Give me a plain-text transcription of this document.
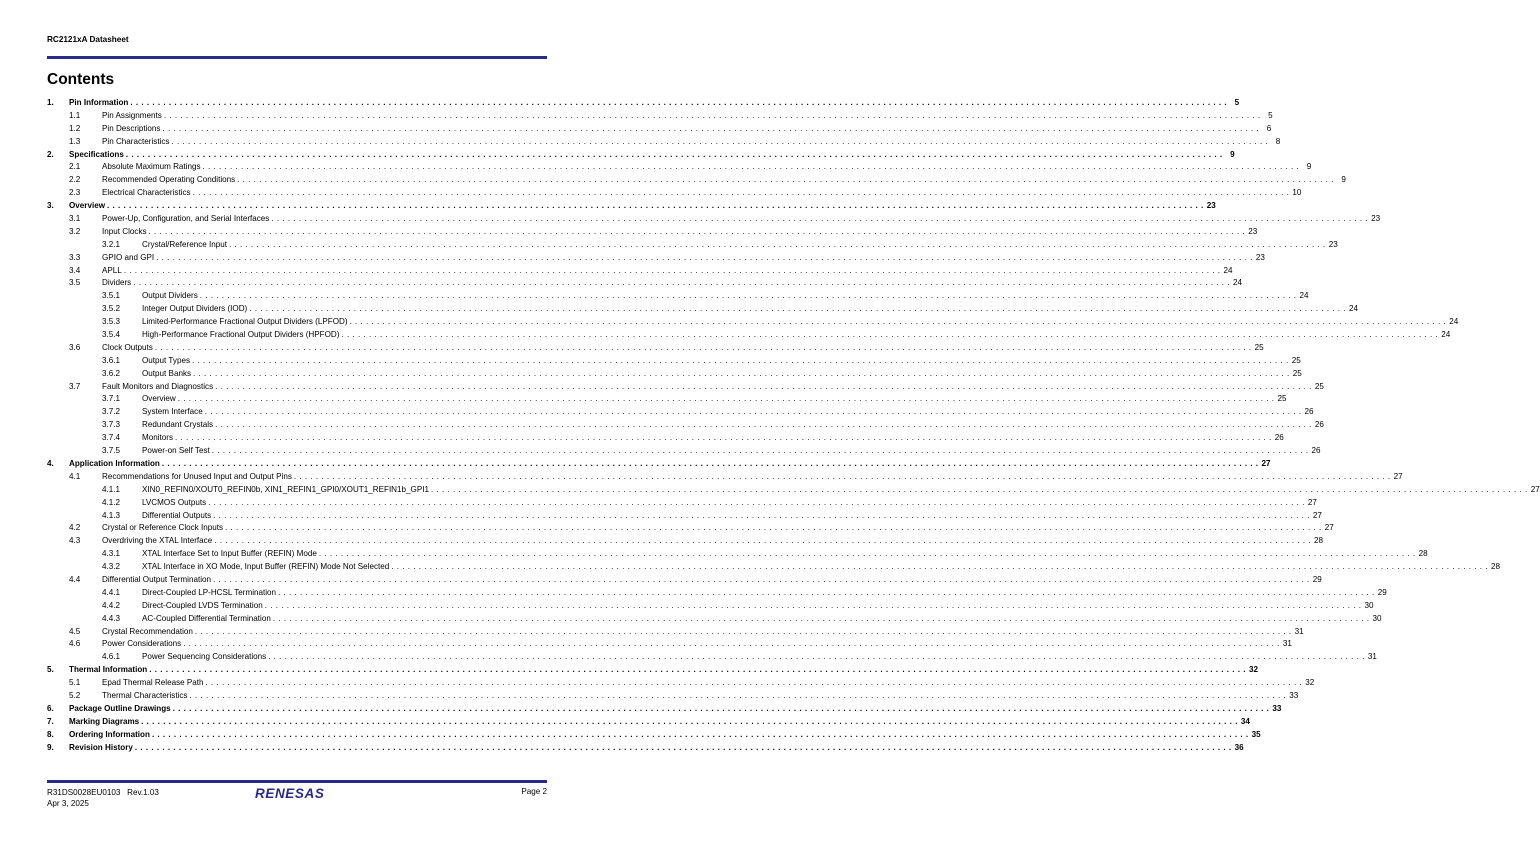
RC2121xA Datasheet
Contents
1. Pin Information . . . . . . . . . . . . . . . . . . . . . . . . . . . . . . . . . . . . . . . . . . . . . . . . . . . . . . . . . . . . . . . . . . . . . . . . . . . . . . . . . . . . . . . . . . . . . . . . . . . . . . . . . . . . . . . . . . . . . . . . . . . . . . . . . . . . . . . . . . . . . . . . . . . . . . . . . . . . . . . . . . . . . . . . . . . . . . . . . . . . . . . . . . . . . . . . . . . . . . . . 5
1.1	Pin Assignments . . . . . . . . . . . . . . . . . . . . . . . . . . . . . . . . . . . . . . . . . . . . . . . . . . . . . . . . . . . . . . . . . . . . . . . . . . . . . . . . . . . . . . . . . . . . . . . . . . . . . . . . . . . . . . . . . . . . . . . . . . . . . . . . . . . . . . . . . . . . . . . . . . . . . . . . . . . . . . . . . . . . . . . . . . . . . . . . . . . . . . . . . . . . . . . . . . . . . . . . 5
1.2	Pin Descriptions . . . . . . . . . . . . . . . . . . . . . . . . . . . . . . . . . . . . . . . . . . . . . . . . . . . . . . . . . . . . . . . . . . . . . . . . . . . . . . . . . . . . . . . . . . . . . . . . . . . . . . . . . . . . . . . . . . . . . . . . . . . . . . . . . . . . . . . . . . . . . . . . . . . . . . . . . . . . . . . . . . . . . . . . . . . . . . . . . . . . . . . . . . . . . . . . . . . . . . . . 6
1.3	Pin Characteristics . . . . . . . . . . . . . . . . . . . . . . . . . . . . . . . . . . . . . . . . . . . . . . . . . . . . . . . . . . . . . . . . . . . . . . . . . . . . . . . . . . . . . . . . . . . . . . . . . . . . . . . . . . . . . . . . . . . . . . . . . . . . . . . . . . . . . . . . . . . . . . . . . . . . . . . . . . . . . . . . . . . . . . . . . . . . . . . . . . . . . . . . . . . . . . . . . . . . . . . . 8
2. Specifications . . . . . . . . . . . . . . . . . . . . . . . . . . . . . . . . . . . . . . . . . . . . . . . . . . . . . . . . . . . . . . . . . . . . . . . . . . . . . . . . . . . . . . . . . . . . . . . . . . . . . . . . . . . . . . . . . . . . . . . . . . . . . . . . . . . . . . . . . . . . . . . . . . . . . . . . . . . . . . . . . . . . . . . . . . . . . . . . . . . . . . . . . . . . . . . . . . . . . . . . 9
2.1	Absolute Maximum Ratings . . . . . . . . . . . . . . . . . . . . . . . . . . . . . . . . . . . . . . . . . . . . . . . . . . . . . . . . . . . . . . . . . . . . . . . . . . . . . . . . . . . . . . . . . . . . . . . . . . . . . . . . . . . . . . . . . . . . . . . . . . . . . . . . . . . . . . . . . . . . . . . . . . . . . . . . . . . . . . . . . . . . . . . . . . . . . . . . . . . . . . . . . . . . . . . . . . . . . . . . 9
2.2	Recommended Operating Conditions . . . . . . . . . . . . . . . . . . . . . . . . . . . . . . . . . . . . . . . . . . . . . . . . . . . . . . . . . . . . . . . . . . . . . . . . . . . . . . . . . . . . . . . . . . . . . . . . . . . . . . . . . . . . . . . . . . . . . . . . . . . . . . . . . . . . . . . . . . . . . . . . . . . . . . . . . . . . . . . . . . . . . . . . . . . . . . . . . . . . . . . . . . . . . . . . . . . . . . . . 9
2.3	Electrical Characteristics . . . . . . . . . . . . . . . . . . . . . . . . . . . . . . . . . . . . . . . . . . . . . . . . . . . . . . . . . . . . . . . . . . . . . . . . . . . . . . . . . . . . . . . . . . . . . . . . . . . . . . . . . . . . . . . . . . . . . . . . . . . . . . . . . . . . . . . . . . . . . . . . . . . . . . . . . . . . . . . . . . . . . . . . . . . . . . . . . . . . . . . . . . . . . . . . . . . . . . . . 10
3. Overview . . . . . . . . . . . . . . . . . . . . . . . . . . . . . . . . . . . . . . . . . . . . . . . . . . . . . . . . . . . . . . . . . . . . . . . . . . . . . . . . . . . . . . . . . . . . . . . . . . . . . . . . . . . . . . . . . . . . . . . . . . . . . . . . . . . . . . . . . . . . . . . . . . . . . . . . . . . . . . . . . . . . . . . . . . . . . . . . . . . . . . . . . . . . . . . . . . . . . . . . 23
3.1	Power-Up, Configuration, and Serial Interfaces . . . . . . . . . . . . . . . . . . . . . . . . . . . . . . . . . . . . . . . . . . . . . . . . . . . . . . . . . . . . . . . . . . . . . . . . . . . . . . . . . . . . . . . . . . . . . . . . . . . . . . . . . . . . . . . . . . . . . . . . . . . . . . . . . . . . . . . . . . . . . . . . . . . . . . . . . . . . . . . . . . . . . . . . . . . . . . . . . . . . . . . . . . . . . . . . . . . . . . . . 23
3.2	Input Clocks . . . . . . . . . . . . . . . . . . . . . . . . . . . . . . . . . . . . . . . . . . . . . . . . . . . . . . . . . . . . . . . . . . . . . . . . . . . . . . . . . . . . . . . . . . . . . . . . . . . . . . . . . . . . . . . . . . . . . . . . . . . . . . . . . . . . . . . . . . . . . . . . . . . . . . . . . . . . . . . . . . . . . . . . . . . . . . . . . . . . . . . . . . . . . . . . . . . . . . . . 23
3.2.1	Crystal/Reference Input . . . . . . . . . . . . . . . . . . . . . . . . . . . . . . . . . . . . . . . . . . . . . . . . . . . . . . . . . . . . . . . . . . . . . . . . . . . . . . . . . . . . . . . . . . . . . . . . . . . . . . . . . . . . . . . . . . . . . . . . . . . . . . . . . . . . . . . . . . . . . . . . . . . . . . . . . . . . . . . . . . . . . . . . . . . . . . . . . . . . . . . . . . . . . . . . . . . . . . . . 23
3.3	GPIO and GPI . . . . . . . . . . . . . . . . . . . . . . . . . . . . . . . . . . . . . . . . . . . . . . . . . . . . . . . . . . . . . . . . . . . . . . . . . . . . . . . . . . . . . . . . . . . . . . . . . . . . . . . . . . . . . . . . . . . . . . . . . . . . . . . . . . . . . . . . . . . . . . . . . . . . . . . . . . . . . . . . . . . . . . . . . . . . . . . . . . . . . . . . . . . . . . . . . . . . . . . . 23
3.4	APLL . . . . . . . . . . . . . . . . . . . . . . . . . . . . . . . . . . . . . . . . . . . . . . . . . . . . . . . . . . . . . . . . . . . . . . . . . . . . . . . . . . . . . . . . . . . . . . . . . . . . . . . . . . . . . . . . . . . . . . . . . . . . . . . . . . . . . . . . . . . . . . . . . . . . . . . . . . . . . . . . . . . . . . . . . . . . . . . . . . . . . . . . . . . . . . . . . . . . . . . . 24
3.5	Dividers . . . . . . . . . . . . . . . . . . . . . . . . . . . . . . . . . . . . . . . . . . . . . . . . . . . . . . . . . . . . . . . . . . . . . . . . . . . . . . . . . . . . . . . . . . . . . . . . . . . . . . . . . . . . . . . . . . . . . . . . . . . . . . . . . . . . . . . . . . . . . . . . . . . . . . . . . . . . . . . . . . . . . . . . . . . . . . . . . . . . . . . . . . . . . . . . . . . . . . . . 24
3.5.1	Output Dividers . . . . . . . . . . . . . . . . . . . . . . . . . . . . . . . . . . . . . . . . . . . . . . . . . . . . . . . . . . . . . . . . . . . . . . . . . . . . . . . . . . . . . . . . . . . . . . . . . . . . . . . . . . . . . . . . . . . . . . . . . . . . . . . . . . . . . . . . . . . . . . . . . . . . . . . . . . . . . . . . . . . . . . . . . . . . . . . . . . . . . . . . . . . . . . . . . . . . . . . . 24
3.5.2	Integer Output Dividers (IOD) . . . . . . . . . . . . . . . . . . . . . . . . . . . . . . . . . . . . . . . . . . . . . . . . . . . . . . . . . . . . . . . . . . . . . . . . . . . . . . . . . . . . . . . . . . . . . . . . . . . . . . . . . . . . . . . . . . . . . . . . . . . . . . . . . . . . . . . . . . . . . . . . . . . . . . . . . . . . . . . . . . . . . . . . . . . . . . . . . . . . . . . . . . . . . . . . . . . . . . . . 24
3.5.3	Limited-Performance Fractional Output Dividers (LPFOD) . . . . . . . . . . . . . . . . . . . . . . . . . . . . . . . . . . . . . . . . . . . . . . . . . . . . . . . . . . . . . . . . . . . . . . . . . . . . . . . . . . . . . . . . . . . . . . . . . . . . . . . . . . . . . . . . . . . . . . . . . . . . . . . . . . . . . . . . . . . . . . . . . . . . . . . . . . . . . . . . . . . . . . . . . . . . . . . . . . . . . . . . . . . . . . . . . . . . . . . . 24
3.5.4	High-Performance Fractional Output Dividers (HPFOD) . . . . . . . . . . . . . . . . . . . . . . . . . . . . . . . . . . . . . . . . . . . . . . . . . . . . . . . . . . . . . . . . . . . . . . . . . . . . . . . . . . . . . . . . . . . . . . . . . . . . . . . . . . . . . . . . . . . . . . . . . . . . . . . . . . . . . . . . . . . . . . . . . . . . . . . . . . . . . . . . . . . . . . . . . . . . . . . . . . . . . . . . . . . . . . . . . . . . . . . . 24
3.6	Clock Outputs . . . . . . . . . . . . . . . . . . . . . . . . . . . . . . . . . . . . . . . . . . . . . . . . . . . . . . . . . . . . . . . . . . . . . . . . . . . . . . . . . . . . . . . . . . . . . . . . . . . . . . . . . . . . . . . . . . . . . . . . . . . . . . . . . . . . . . . . . . . . . . . . . . . . . . . . . . . . . . . . . . . . . . . . . . . . . . . . . . . . . . . . . . . . . . . . . . . . . . . . 25
3.6.1	Output Types . . . . . . . . . . . . . . . . . . . . . . . . . . . . . . . . . . . . . . . . . . . . . . . . . . . . . . . . . . . . . . . . . . . . . . . . . . . . . . . . . . . . . . . . . . . . . . . . . . . . . . . . . . . . . . . . . . . . . . . . . . . . . . . . . . . . . . . . . . . . . . . . . . . . . . . . . . . . . . . . . . . . . . . . . . . . . . . . . . . . . . . . . . . . . . . . . . . . . . . . 25
3.6.2	Output Banks . . . . . . . . . . . . . . . . . . . . . . . . . . . . . . . . . . . . . . . . . . . . . . . . . . . . . . . . . . . . . . . . . . . . . . . . . . . . . . . . . . . . . . . . . . . . . . . . . . . . . . . . . . . . . . . . . . . . . . . . . . . . . . . . . . . . . . . . . . . . . . . . . . . . . . . . . . . . . . . . . . . . . . . . . . . . . . . . . . . . . . . . . . . . . . . . . . . . . . . . 25
3.7	Fault Monitors and Diagnostics . . . . . . . . . . . . . . . . . . . . . . . . . . . . . . . . . . . . . . . . . . . . . . . . . . . . . . . . . . . . . . . . . . . . . . . . . . . . . . . . . . . . . . . . . . . . . . . . . . . . . . . . . . . . . . . . . . . . . . . . . . . . . . . . . . . . . . . . . . . . . . . . . . . . . . . . . . . . . . . . . . . . . . . . . . . . . . . . . . . . . . . . . . . . . . . . . . . . . . . . 25
3.7.1	Overview . . . . . . . . . . . . . . . . . . . . . . . . . . . . . . . . . . . . . . . . . . . . . . . . . . . . . . . . . . . . . . . . . . . . . . . . . . . . . . . . . . . . . . . . . . . . . . . . . . . . . . . . . . . . . . . . . . . . . . . . . . . . . . . . . . . . . . . . . . . . . . . . . . . . . . . . . . . . . . . . . . . . . . . . . . . . . . . . . . . . . . . . . . . . . . . . . . . . . . . . 25
3.7.2	System Interface . . . . . . . . . . . . . . . . . . . . . . . . . . . . . . . . . . . . . . . . . . . . . . . . . . . . . . . . . . . . . . . . . . . . . . . . . . . . . . . . . . . . . . . . . . . . . . . . . . . . . . . . . . . . . . . . . . . . . . . . . . . . . . . . . . . . . . . . . . . . . . . . . . . . . . . . . . . . . . . . . . . . . . . . . . . . . . . . . . . . . . . . . . . . . . . . . . . . . . . . 26
3.7.3	Redundant Crystals . . . . . . . . . . . . . . . . . . . . . . . . . . . . . . . . . . . . . . . . . . . . . . . . . . . . . . . . . . . . . . . . . . . . . . . . . . . . . . . . . . . . . . . . . . . . . . . . . . . . . . . . . . . . . . . . . . . . . . . . . . . . . . . . . . . . . . . . . . . . . . . . . . . . . . . . . . . . . . . . . . . . . . . . . . . . . . . . . . . . . . . . . . . . . . . . . . . . . . . . 26
3.7.4	Monitors . . . . . . . . . . . . . . . . . . . . . . . . . . . . . . . . . . . . . . . . . . . . . . . . . . . . . . . . . . . . . . . . . . . . . . . . . . . . . . . . . . . . . . . . . . . . . . . . . . . . . . . . . . . . . . . . . . . . . . . . . . . . . . . . . . . . . . . . . . . . . . . . . . . . . . . . . . . . . . . . . . . . . . . . . . . . . . . . . . . . . . . . . . . . . . . . . . . . . . . . 26
3.7.5	Power-on Self Test . . . . . . . . . . . . . . . . . . . . . . . . . . . . . . . . . . . . . . . . . . . . . . . . . . . . . . . . . . . . . . . . . . . . . . . . . . . . . . . . . . . . . . . . . . . . . . . . . . . . . . . . . . . . . . . . . . . . . . . . . . . . . . . . . . . . . . . . . . . . . . . . . . . . . . . . . . . . . . . . . . . . . . . . . . . . . . . . . . . . . . . . . . . . . . . . . . . . . . . . 26
4. Application Information . . . . . . . . . . . . . . . . . . . . . . . . . . . . . . . . . . . . . . . . . . . . . . . . . . . . . . . . . . . . . . . . . . . . . . . . . . . . . . . . . . . . . . . . . . . . . . . . . . . . . . . . . . . . . . . . . . . . . . . . . . . . . . . . . . . . . . . . . . . . . . . . . . . . . . . . . . . . . . . . . . . . . . . . . . . . . . . . . . . . . . . . . . . . . . . . . . . . . . . . 27
4.1	Recommendations for Unused Input and Output Pins . . . . . . . . . . . . . . . . . . . . . . . . . . . . . . . . . . . . . . . . . . . . . . . . . . . . . . . . . . . . . . . . . . . . . . . . . . . . . . . . . . . . . . . . . . . . . . . . . . . . . . . . . . . . . . . . . . . . . . . . . . . . . . . . . . . . . . . . . . . . . . . . . . . . . . . . . . . . . . . . . . . . . . . . . . . . . . . . . . . . . . . . . . . . . . . . . . . . . . . . 27
4.1.1	XIN0_REFIN0/XOUT0_REFIN0b, XIN1_REFIN1_GPI0/XOUT1_REFIN1b_GPI1 . . . . . . . . . . . . . . . . . . . . . . . . . . . . . . . . . . . . . . . . . . . . . . . . . . . . . . . . . . . . . . . . . . . . . . . . . . . . . . . . . . . . . . . . . . . . . . . . . . . . . . . . . . . . . . . . . . . . . . . . . . . . . . . . . . . . . . . . . . . . . . . . . . . . . . . . . . . . . . . . . . . . . . . . . . . . . . . . . . . . . . . . . . . . . . . . . . . . . . . . 27
4.1.2	LVCMOS Outputs . . . . . . . . . . . . . . . . . . . . . . . . . . . . . . . . . . . . . . . . . . . . . . . . . . . . . . . . . . . . . . . . . . . . . . . . . . . . . . . . . . . . . . . . . . . . . . . . . . . . . . . . . . . . . . . . . . . . . . . . . . . . . . . . . . . . . . . . . . . . . . . . . . . . . . . . . . . . . . . . . . . . . . . . . . . . . . . . . . . . . . . . . . . . . . . . . . . . . . . . 27
4.1.3	Differential Outputs . . . . . . . . . . . . . . . . . . . . . . . . . . . . . . . . . . . . . . . . . . . . . . . . . . . . . . . . . . . . . . . . . . . . . . . . . . . . . . . . . . . . . . . . . . . . . . . . . . . . . . . . . . . . . . . . . . . . . . . . . . . . . . . . . . . . . . . . . . . . . . . . . . . . . . . . . . . . . . . . . . . . . . . . . . . . . . . . . . . . . . . . . . . . . . . . . . . . . . . . 27
4.2	Crystal or Reference Clock Inputs . . . . . . . . . . . . . . . . . . . . . . . . . . . . . . . . . . . . . . . . . . . . . . . . . . . . . . . . . . . . . . . . . . . . . . . . . . . . . . . . . . . . . . . . . . . . . . . . . . . . . . . . . . . . . . . . . . . . . . . . . . . . . . . . . . . . . . . . . . . . . . . . . . . . . . . . . . . . . . . . . . . . . . . . . . . . . . . . . . . . . . . . . . . . . . . . . . . . . . . . 27
4.3	Overdriving the XTAL Interface . . . . . . . . . . . . . . . . . . . . . . . . . . . . . . . . . . . . . . . . . . . . . . . . . . . . . . . . . . . . . . . . . . . . . . . . . . . . . . . . . . . . . . . . . . . . . . . . . . . . . . . . . . . . . . . . . . . . . . . . . . . . . . . . . . . . . . . . . . . . . . . . . . . . . . . . . . . . . . . . . . . . . . . . . . . . . . . . . . . . . . . . . . . . . . . . . . . . . . . . 28
4.3.1	XTAL Interface Set to Input Buffer (REFIN) Mode . . . . . . . . . . . . . . . . . . . . . . . . . . . . . . . . . . . . . . . . . . . . . . . . . . . . . . . . . . . . . . . . . . . . . . . . . . . . . . . . . . . . . . . . . . . . . . . . . . . . . . . . . . . . . . . . . . . . . . . . . . . . . . . . . . . . . . . . . . . . . . . . . . . . . . . . . . . . . . . . . . . . . . . . . . . . . . . . . . . . . . . . . . . . . . . . . . . . . . . . 28
4.3.2	XTAL Interface in XO Mode, Input Buffer (REFIN) Mode Not Selected . . . . . . . . . . . . . . . . . . . . . . . . . . . . . . . . . . . . . . . . . . . . . . . . . . . . . . . . . . . . . . . . . . . . . . . . . . . . . . . . . . . . . . . . . . . . . . . . . . . . . . . . . . . . . . . . . . . . . . . . . . . . . . . . . . . . . . . . . . . . . . . . . . . . . . . . . . . . . . . . . . . . . . . . . . . . . . . . . . . . . . . . . . . . . . . . . . . . . . . . 28
4.4	Differential Output Termination . . . . . . . . . . . . . . . . . . . . . . . . . . . . . . . . . . . . . . . . . . . . . . . . . . . . . . . . . . . . . . . . . . . . . . . . . . . . . . . . . . . . . . . . . . . . . . . . . . . . . . . . . . . . . . . . . . . . . . . . . . . . . . . . . . . . . . . . . . . . . . . . . . . . . . . . . . . . . . . . . . . . . . . . . . . . . . . . . . . . . . . . . . . . . . . . . . . . . . . . 29
4.4.1	Direct-Coupled LP-HCSL Termination . . . . . . . . . . . . . . . . . . . . . . . . . . . . . . . . . . . . . . . . . . . . . . . . . . . . . . . . . . . . . . . . . . . . . . . . . . . . . . . . . . . . . . . . . . . . . . . . . . . . . . . . . . . . . . . . . . . . . . . . . . . . . . . . . . . . . . . . . . . . . . . . . . . . . . . . . . . . . . . . . . . . . . . . . . . . . . . . . . . . . . . . . . . . . . . . . . . . . . . . 29
4.4.2	Direct-Coupled LVDS Termination . . . . . . . . . . . . . . . . . . . . . . . . . . . . . . . . . . . . . . . . . . . . . . . . . . . . . . . . . . . . . . . . . . . . . . . . . . . . . . . . . . . . . . . . . . . . . . . . . . . . . . . . . . . . . . . . . . . . . . . . . . . . . . . . . . . . . . . . . . . . . . . . . . . . . . . . . . . . . . . . . . . . . . . . . . . . . . . . . . . . . . . . . . . . . . . . . . . . . . . . 30
4.4.3	AC-Coupled Differential Termination . . . . . . . . . . . . . . . . . . . . . . . . . . . . . . . . . . . . . . . . . . . . . . . . . . . . . . . . . . . . . . . . . . . . . . . . . . . . . . . . . . . . . . . . . . . . . . . . . . . . . . . . . . . . . . . . . . . . . . . . . . . . . . . . . . . . . . . . . . . . . . . . . . . . . . . . . . . . . . . . . . . . . . . . . . . . . . . . . . . . . . . . . . . . . . . . . . . . . . . . 30
4.5	Crystal Recommendation . . . . . . . . . . . . . . . . . . . . . . . . . . . . . . . . . . . . . . . . . . . . . . . . . . . . . . . . . . . . . . . . . . . . . . . . . . . . . . . . . . . . . . . . . . . . . . . . . . . . . . . . . . . . . . . . . . . . . . . . . . . . . . . . . . . . . . . . . . . . . . . . . . . . . . . . . . . . . . . . . . . . . . . . . . . . . . . . . . . . . . . . . . . . . . . . . . . . . . . . 31
4.6	Power Considerations . . . . . . . . . . . . . . . . . . . . . . . . . . . . . . . . . . . . . . . . . . . . . . . . . . . . . . . . . . . . . . . . . . . . . . . . . . . . . . . . . . . . . . . . . . . . . . . . . . . . . . . . . . . . . . . . . . . . . . . . . . . . . . . . . . . . . . . . . . . . . . . . . . . . . . . . . . . . . . . . . . . . . . . . . . . . . . . . . . . . . . . . . . . . . . . . . . . . . . . . 31
4.6.1	Power Sequencing Considerations . . . . . . . . . . . . . . . . . . . . . . . . . . . . . . . . . . . . . . . . . . . . . . . . . . . . . . . . . . . . . . . . . . . . . . . . . . . . . . . . . . . . . . . . . . . . . . . . . . . . . . . . . . . . . . . . . . . . . . . . . . . . . . . . . . . . . . . . . . . . . . . . . . . . . . . . . . . . . . . . . . . . . . . . . . . . . . . . . . . . . . . . . . . . . . . . . . . . . . . . 31
5. Thermal Information . . . . . . . . . . . . . . . . . . . . . . . . . . . . . . . . . . . . . . . . . . . . . . . . . . . . . . . . . . . . . . . . . . . . . . . . . . . . . . . . . . . . . . . . . . . . . . . . . . . . . . . . . . . . . . . . . . . . . . . . . . . . . . . . . . . . . . . . . . . . . . . . . . . . . . . . . . . . . . . . . . . . . . . . . . . . . . . . . . . . . . . . . . . . . . . . . . . . . . . . 32
5.1	Epad Thermal Release Path . . . . . . . . . . . . . . . . . . . . . . . . . . . . . . . . . . . . . . . . . . . . . . . . . . . . . . . . . . . . . . . . . . . . . . . . . . . . . . . . . . . . . . . . . . . . . . . . . . . . . . . . . . . . . . . . . . . . . . . . . . . . . . . . . . . . . . . . . . . . . . . . . . . . . . . . . . . . . . . . . . . . . . . . . . . . . . . . . . . . . . . . . . . . . . . . . . . . . . . . 32
5.2	Thermal Characteristics . . . . . . . . . . . . . . . . . . . . . . . . . . . . . . . . . . . . . . . . . . . . . . . . . . . . . . . . . . . . . . . . . . . . . . . . . . . . . . . . . . . . . . . . . . . . . . . . . . . . . . . . . . . . . . . . . . . . . . . . . . . . . . . . . . . . . . . . . . . . . . . . . . . . . . . . . . . . . . . . . . . . . . . . . . . . . . . . . . . . . . . . . . . . . . . . . . . . . . . . 33
6. Package Outline Drawings . . . . . . . . . . . . . . . . . . . . . . . . . . . . . . . . . . . . . . . . . . . . . . . . . . . . . . . . . . . . . . . . . . . . . . . . . . . . . . . . . . . . . . . . . . . . . . . . . . . . . . . . . . . . . . . . . . . . . . . . . . . . . . . . . . . . . . . . . . . . . . . . . . . . . . . . . . . . . . . . . . . . . . . . . . . . . . . . . . . . . . . . . . . . . . . . . . . . . . . . 33
7. Marking Diagrams . . . . . . . . . . . . . . . . . . . . . . . . . . . . . . . . . . . . . . . . . . . . . . . . . . . . . . . . . . . . . . . . . . . . . . . . . . . . . . . . . . . . . . . . . . . . . . . . . . . . . . . . . . . . . . . . . . . . . . . . . . . . . . . . . . . . . . . . . . . . . . . . . . . . . . . . . . . . . . . . . . . . . . . . . . . . . . . . . . . . . . . . . . . . . . . . . . . . . . . . 34
8. Ordering Information . . . . . . . . . . . . . . . . . . . . . . . . . . . . . . . . . . . . . . . . . . . . . . . . . . . . . . . . . . . . . . . . . . . . . . . . . . . . . . . . . . . . . . . . . . . . . . . . . . . . . . . . . . . . . . . . . . . . . . . . . . . . . . . . . . . . . . . . . . . . . . . . . . . . . . . . . . . . . . . . . . . . . . . . . . . . . . . . . . . . . . . . . . . . . . . . . . . . . . . . 35
9. Revision History . . . . . . . . . . . . . . . . . . . . . . . . . . . . . . . . . . . . . . . . . . . . . . . . . . . . . . . . . . . . . . . . . . . . . . . . . . . . . . . . . . . . . . . . . . . . . . . . . . . . . . . . . . . . . . . . . . . . . . . . . . . . . . . . . . . . . . . . . . . . . . . . . . . . . . . . . . . . . . . . . . . . . . . . . . . . . . . . . . . . . . . . . . . . . . . . . . . . . . . . 36
R31DS0028EU0103 Rev.1.03
Apr 3, 2025
RENESAS	Page 2
